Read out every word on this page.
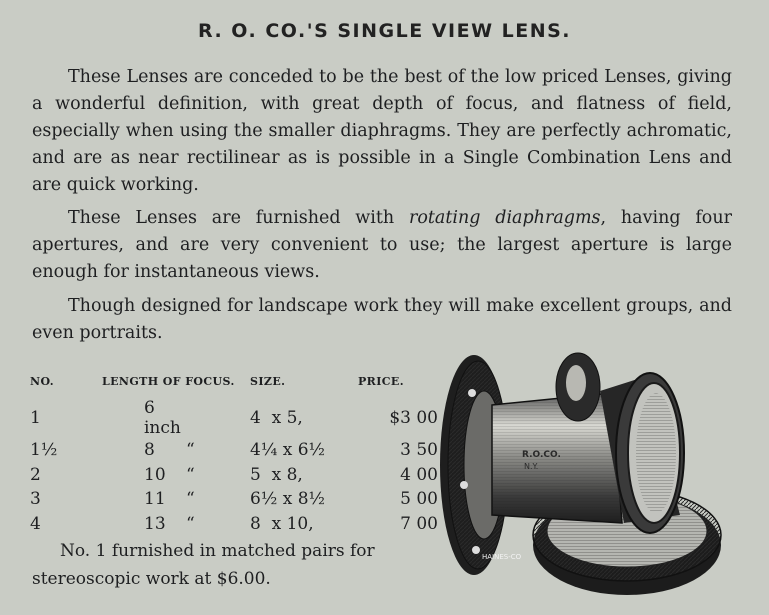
R. O. CO.'S SINGLE VIEW LENS.

These Lenses are conceded to be the best of the low priced Lenses, giving a wonderful definition, with great depth of focus, and flatness of field, especially when using the smaller diaphragms. They are perfectly achromatic, and are as near rectilinear as is possible in a Single Combination Lens and are quick working.

These Lenses are furnished with rotating diaphragms, having four apertures, and are very convenient to use; the largest aperture is large enough for instantaneous views.

Though designed for landscape work they will make excellent groups, and even portraits.

NO.	LENGTH OF FOCUS.	SIZE.	PRICE.
1	6 inch	4  x 5,	$3 00
1½	8 “	4¼ x 6½	3 50
2	10 “	5  x 8,	4 00
3	11 “	6½ x 8½	5 00
4	13 “	8  x 10,	7 00
No. 1 furnished in matched pairs for stereoscopic work at $6.00.
R.O.CO.
N.Y.
HAINES-CO
